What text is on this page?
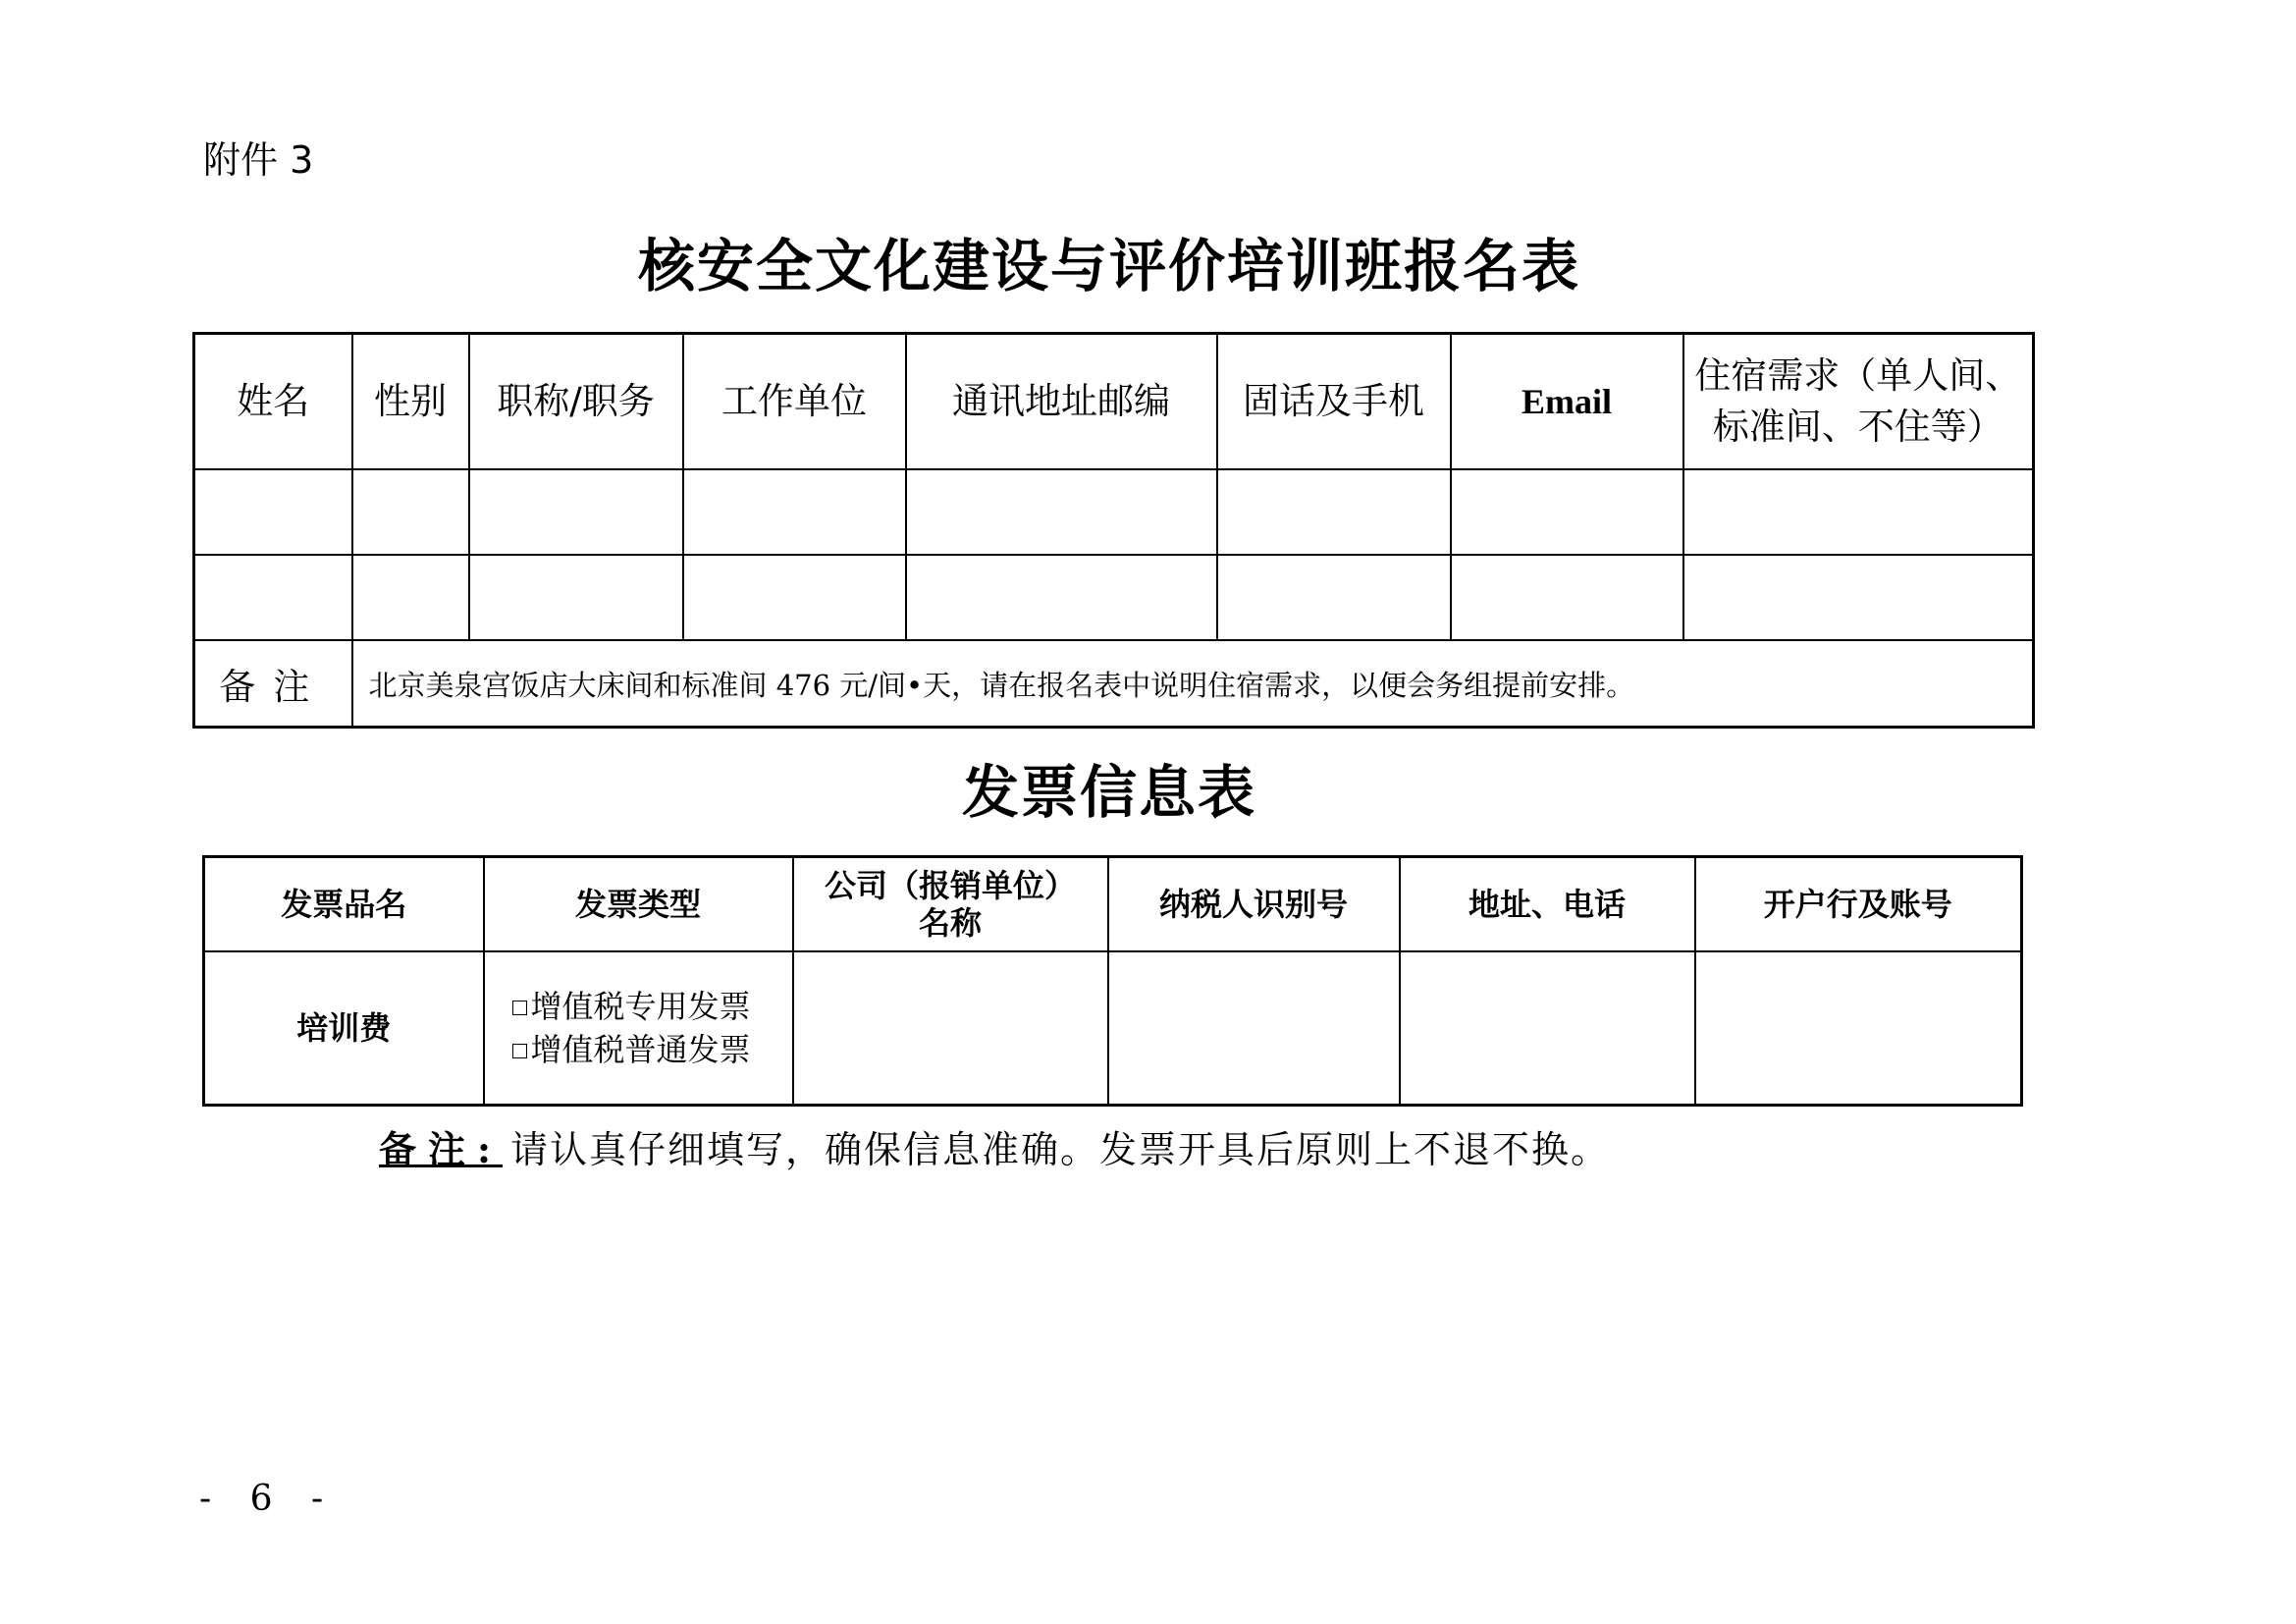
附件 3
核安全文化建设与评价培训班报名表
姓名	性别	职称/职务	工作单位	通讯地址邮编	固话及手机	Email	住宿需求（单人间、
标准间、不住等）

备注	北京美泉宫饭店大床间和标准间 476 元/间•天，请在报名表中说明住宿需求，以便会务组提前安排。						
发票信息表
发票品名	发票类型	公司（报销单位）
名称	纳税人识别号	地址、电话	开户行及账号
培训费	增值税专用发票
增值税普通发票				

备注: 请认真仔细填写，确保信息准确。发票开具后原则上不退不换。
- 6 -
